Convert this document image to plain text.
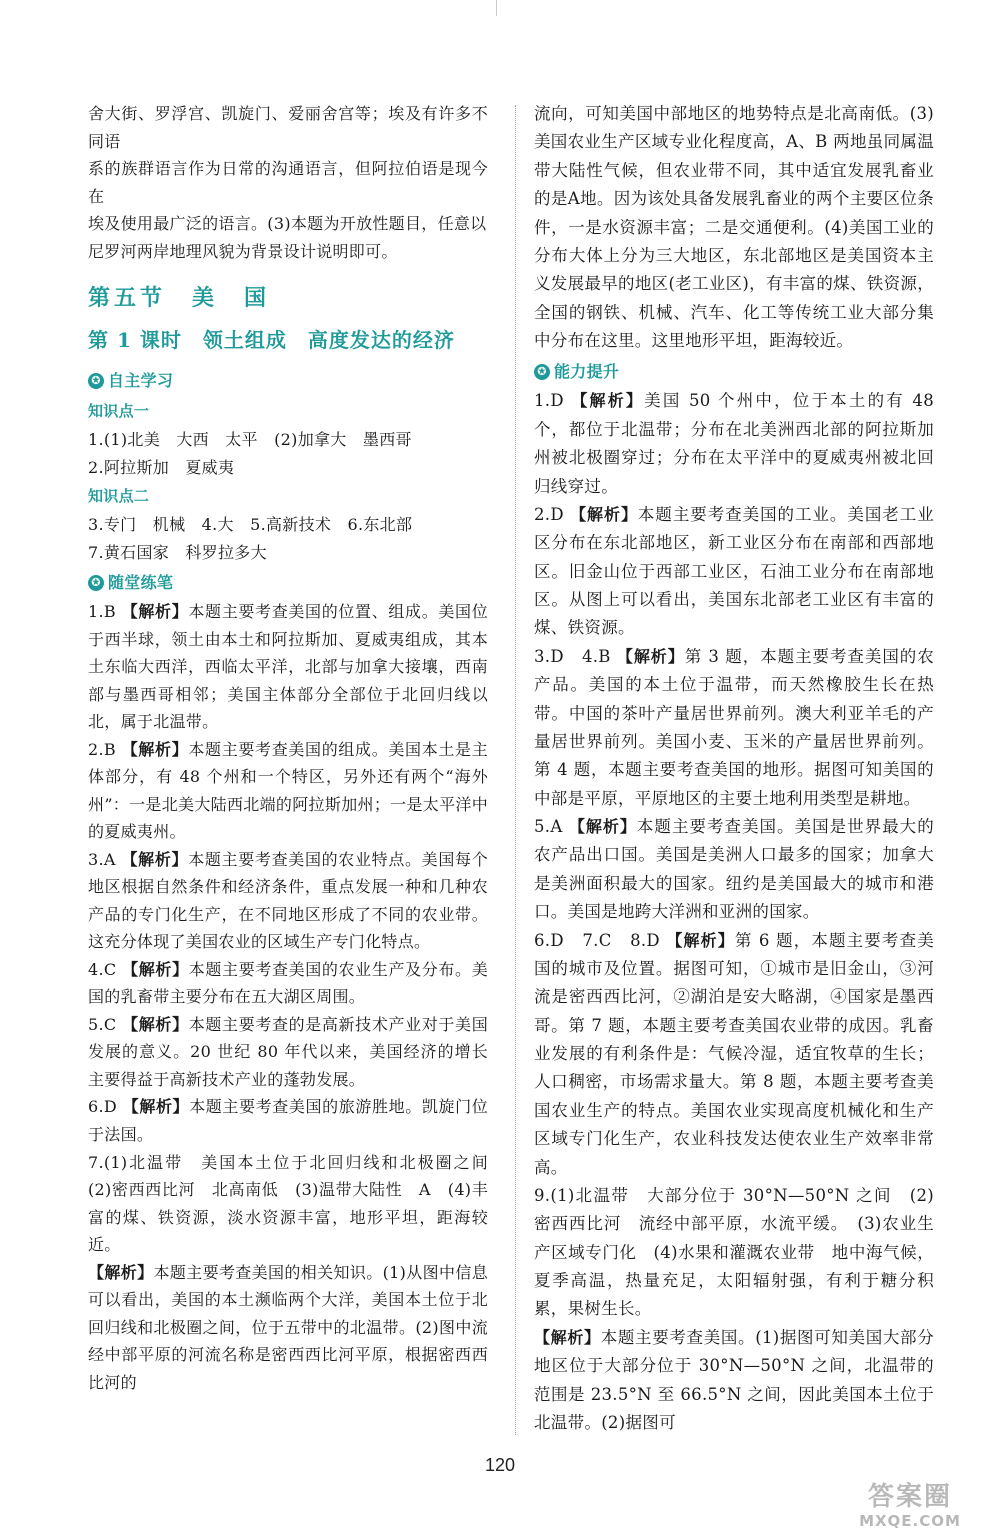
舍大街、罗浮宫、凯旋门、爱丽舍宫等；埃及有许多不同语

系的族群语言作为日常的沟通语言，但阿拉伯语是现今在

埃及使用最广泛的语言。(3)本题为开放性题目，任意以

尼罗河两岸地理风貌为背景设计说明即可。

第五节　美　国

第 1 课时　领土组成　高度发达的经济

✪ 自主学习
知识点一

1.(1)北美　大西　太平　(2)加拿大　墨西哥

2.阿拉斯加　夏威夷

知识点二

3.专门　机械　4.大　5.高新技术　6.东北部

7.黄石国家　科罗拉多大

✪ 随堂练笔

1.B 【解析】本题主要考查美国的位置、组成。美国位于西半球，领土由本土和阿拉斯加、夏威夷组成，其本土东临大西洋，西临太平洋，北部与加拿大接壤，西南部与墨西哥相邻；美国主体部分全部位于北回归线以北，属于北温带。

2.B 【解析】本题主要考查美国的组成。美国本土是主体部分，有 48 个州和一个特区，另外还有两个“海外州”：一是北美大陆西北端的阿拉斯加州；一是太平洋中的夏威夷州。

3.A 【解析】本题主要考查美国的农业特点。美国每个地区根据自然条件和经济条件，重点发展一种和几种农产品的专门化生产，在不同地区形成了不同的农业带。这充分体现了美国农业的区域生产专门化特点。

4.C 【解析】本题主要考查美国的农业生产及分布。美国的乳畜带主要分布在五大湖区周围。

5.C 【解析】本题主要考查的是高新技术产业对于美国发展的意义。20 世纪 80 年代以来，美国经济的增长主要得益于高新技术产业的蓬勃发展。

6.D 【解析】本题主要考查美国的旅游胜地。凯旋门位于法国。

7.(1)北温带　美国本土位于北回归线和北极圈之间　(2)密西西比河　北高南低　(3)温带大陆性　A　(4)丰富的煤、铁资源，淡水资源丰富，地形平坦，距海较近。

【解析】本题主要考查美国的相关知识。(1)从图中信息可以看出，美国的本土濒临两个大洋，美国本土位于北回归线和北极圈之间，位于五带中的北温带。(2)图中流经中部平原的河流名称是密西西比河平原，根据密西西比河的

流向，可知美国中部地区的地势特点是北高南低。(3)美国农业生产区域专业化程度高，A、B 两地虽同属温带大陆性气候，但农业带不同，其中适宜发展乳畜业的是A地。因为该处具备发展乳畜业的两个主要区位条件，一是水资源丰富；二是交通便利。(4)美国工业的分布大体上分为三大地区，东北部地区是美国资本主义发展最早的地区(老工业区)，有丰富的煤、铁资源，全国的钢铁、机械、汽车、化工等传统工业大部分集中分布在这里。这里地形平坦，距海较近。

✪ 能力提升

1.D 【解析】美国 50 个州中，位于本土的有 48 个，都位于北温带；分布在北美洲西北部的阿拉斯加州被北极圈穿过；分布在太平洋中的夏威夷州被北回归线穿过。

2.D 【解析】本题主要考查美国的工业。美国老工业区分布在东北部地区，新工业区分布在南部和西部地区。旧金山位于西部工业区，石油工业分布在南部地区。从图上可以看出，美国东北部老工业区有丰富的煤、铁资源。

3.D　4.B 【解析】第 3 题，本题主要考查美国的农产品。美国的本土位于温带，而天然橡胶生长在热带。中国的茶叶产量居世界前列。澳大利亚羊毛的产量居世界前列。美国小麦、玉米的产量居世界前列。第 4 题，本题主要考查美国的地形。据图可知美国的中部是平原，平原地区的主要土地利用类型是耕地。

5.A 【解析】本题主要考查美国。美国是世界最大的农产品出口国。美国是美洲人口最多的国家；加拿大是美洲面积最大的国家。纽约是美国最大的城市和港口。美国是地跨大洋洲和亚洲的国家。

6.D　7.C　8.D 【解析】第 6 题，本题主要考查美国的城市及位置。据图可知，①城市是旧金山，③河流是密西西比河，②湖泊是安大略湖，④国家是墨西哥。第 7 题，本题主要考查美国农业带的成因。乳畜业发展的有利条件是：气候冷湿，适宜牧草的生长；人口稠密，市场需求量大。第 8 题，本题主要考查美国农业生产的特点。美国农业实现高度机械化和生产区域专门化生产，农业科技发达使农业生产效率非常高。

9.(1)北温带　大部分位于 30°N—50°N 之间　(2)密西西比河　流经中部平原，水流平缓。　(3)农业生产区域专门化　(4)水果和灌溉农业带　地中海气候，夏季高温，热量充足，太阳辐射强，有利于糖分积累，果树生长。

【解析】本题主要考查美国。(1)据图可知美国大部分地区位于大部分位于 30°N—50°N 之间，北温带的范围是 23.5°N 至 66.5°N 之间，因此美国本土位于北温带。(2)据图可

120
答案圈
MXQE.COM
